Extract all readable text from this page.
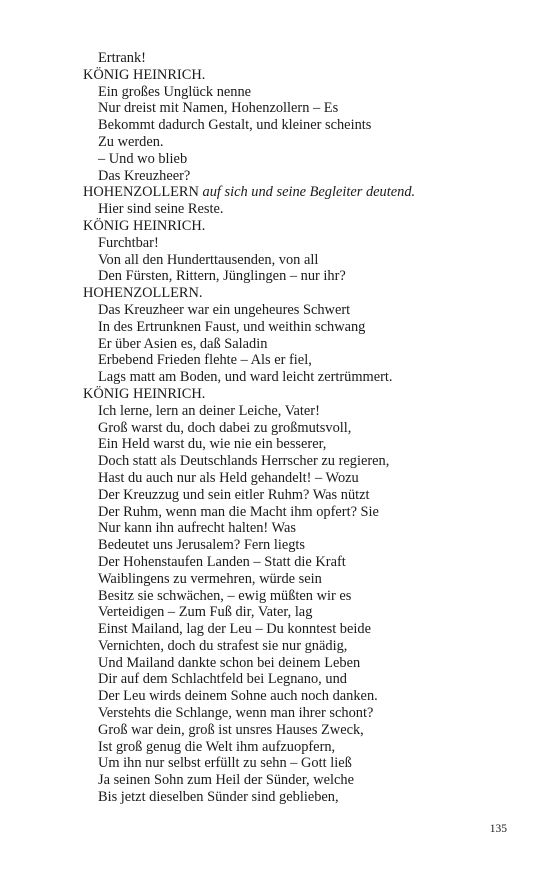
Ertrank!
KÖNIG HEINRICH.
Ein großes Unglück nenne
Nur dreist mit Namen, Hohenzollern – Es
Bekommt dadurch Gestalt, und kleiner scheints
Zu werden.
– Und wo blieb
Das Kreuzheer?
HOHENZOLLERN auf sich und seine Begleiter deutend.
Hier sind seine Reste.
KÖNIG HEINRICH.
Furchtbar!
Von all den Hunderttausenden, von all
Den Fürsten, Rittern, Jünglingen – nur ihr?
HOHENZOLLERN.
Das Kreuzheer war ein ungeheures Schwert
In des Ertrunknen Faust, und weithin schwang
Er über Asien es, daß Saladin
Erbebend Frieden flehte – Als er fiel,
Lags matt am Boden, und ward leicht zertrümmert.
KÖNIG HEINRICH.
Ich lerne, lern an deiner Leiche, Vater!
Groß warst du, doch dabei zu großmutsvoll,
Ein Held warst du, wie nie ein besserer,
Doch statt als Deutschlands Herrscher zu regieren,
Hast du auch nur als Held gehandelt! – Wozu
Der Kreuzzug und sein eitler Ruhm? Was nützt
Der Ruhm, wenn man die Macht ihm opfert? Sie
Nur kann ihn aufrecht halten! Was
Bedeutet uns Jerusalem? Fern liegts
Der Hohenstaufen Landen – Statt die Kraft
Waiblingens zu vermehren, würde sein
Besitz sie schwächen, – ewig müßten wir es
Verteidigen – Zum Fuß dir, Vater, lag
Einst Mailand, lag der Leu – Du konntest beide
Vernichten, doch du strafest sie nur gnädig,
Und Mailand dankte schon bei deinem Leben
Dir auf dem Schlachtfeld bei Legnano, und
Der Leu wirds deinem Sohne auch noch danken.
Verstehts die Schlange, wenn man ihrer schont?
Groß war dein, groß ist unsres Hauses Zweck,
Ist groß genug die Welt ihm aufzuopfern,
Um ihn nur selbst erfüllt zu sehn – Gott ließ
Ja seinen Sohn zum Heil der Sünder, welche
Bis jetzt dieselben Sünder sind geblieben,
135
